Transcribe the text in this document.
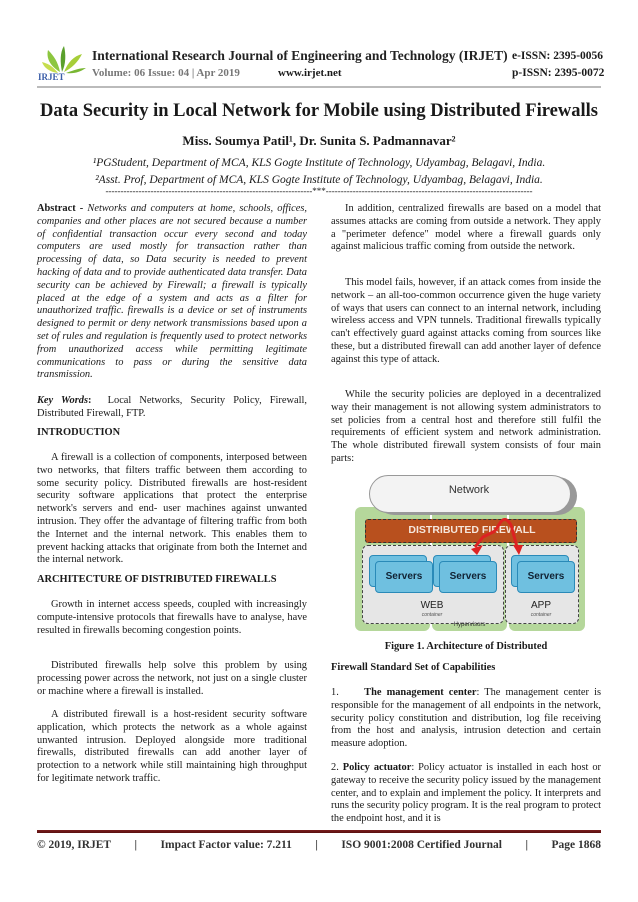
IRJET
International Research Journal of Engineering and Technology (IRJET) e-ISSN: 2395-0056
Volume: 06 Issue: 04 | Apr 2019	www.irjet.net	p-ISSN: 2395-0072
Data Security in Local Network for Mobile using Distributed Firewalls
Miss. Soumya Patil¹, Dr. Sunita S. Padmannavar²
¹PGStudent, Department of MCA, KLS Gogte Institute of Technology, Udyambag, Belagavi, India.
²Asst. Prof, Department of MCA, KLS Gogte Institute of Technology, Udyambag, Belagavi, India.
---------------------------------------------------------------------***---------------------------------------------------------------------
Abstract - Networks and computers at home, schools, offices, companies and other places are not secured because a number of confidential transaction occur every second and today computers are used mostly for transaction rather than processing of data, so Data security is needed to prevent hacking of data and to provide authenticated data transfer. Data security can be achieved by Firewall; a firewall is typically placed at the edge of a system and acts as a filter for unauthorized traffic. firewalls is a device or set of instruments designed to permit or deny network transmissions based upon a set of rules and regulation is frequently used to protect networks from unauthorized access while permitting legitimate communications to pass or during the sensitive data transmission.
Key Words:  Local Networks, Security Policy, Firewall, Distributed Firewall, FTP.
INTRODUCTION

A firewall is a collection of components, interposed between two networks, that filters traffic between them according to some security policy. Distributed firewalls are host-resident security software applications that protect the enterprise network's servers and end- user machines against unwanted intrusion. They offer the advantage of filtering traffic from both the Internet and the internal network. This enables them to prevent hacking attacks that originate from both the Internet and the internal network.

ARCHITECTURE OF DISTRIBUTED FIREWALLS

Growth in internet access speeds, coupled with increasingly compute-intensive protocols that firewalls have to analyse, have resulted in firewalls becoming congestion points.

Distributed firewalls help solve this problem by using processing power across the network, not just on a single cluster or machine where a firewall is installed.

A distributed firewall is a host-resident security software application, which protects the network as a whole against unwanted intrusion. Deployed alongside more traditional firewalls, distributed firewalls can add another layer of protection to a network while still maintaining high throughput for legitimate network traffic.

In addition, centralized firewalls are based on a model that assumes attacks are coming from outside a network. They apply a "perimeter defence" model where a firewall guards only against malicious traffic coming from outside the network.

This model fails, however, if an attack comes from inside the network – an all-too-common occurrence given the huge variety of ways that users can connect to an internal network, including wireless access and VPN tunnels. Traditional firewalls typically can't effectively guard against attacks coming from sources like these, but a distributed firewall can add another layer of defence against this type of attack.

While the security policies are deployed in a decentralized way their management is not allowing system administrators to set policies from a central host and therefore still fulfil the requirements of efficient system and network administration. The whole distributed firewall system consists of four main parts:

Network
DISTRIBUTED FIREWALL
Servers	Servers	Servers
WEB
container
APP
container
Hypervisors
Figure 1. Architecture of Distributed
Firewall Standard Set of Capabilities

1. The management center: The management center is responsible for the management of all endpoints in the network, security policy constitution and distribution, log file receiving from the host and analysis, intrusion detection and certain measure adoption.

2. Policy actuator: Policy actuator is installed in each host or gateway to receive the security policy issued by the management center, and to explain and implement the policy. It interprets and runs the security policy program. It is the real program to protect the endpoint host, and it is

© 2019, IRJET | Impact Factor value: 7.211 | ISO 9001:2008 Certified Journal | Page 1868
